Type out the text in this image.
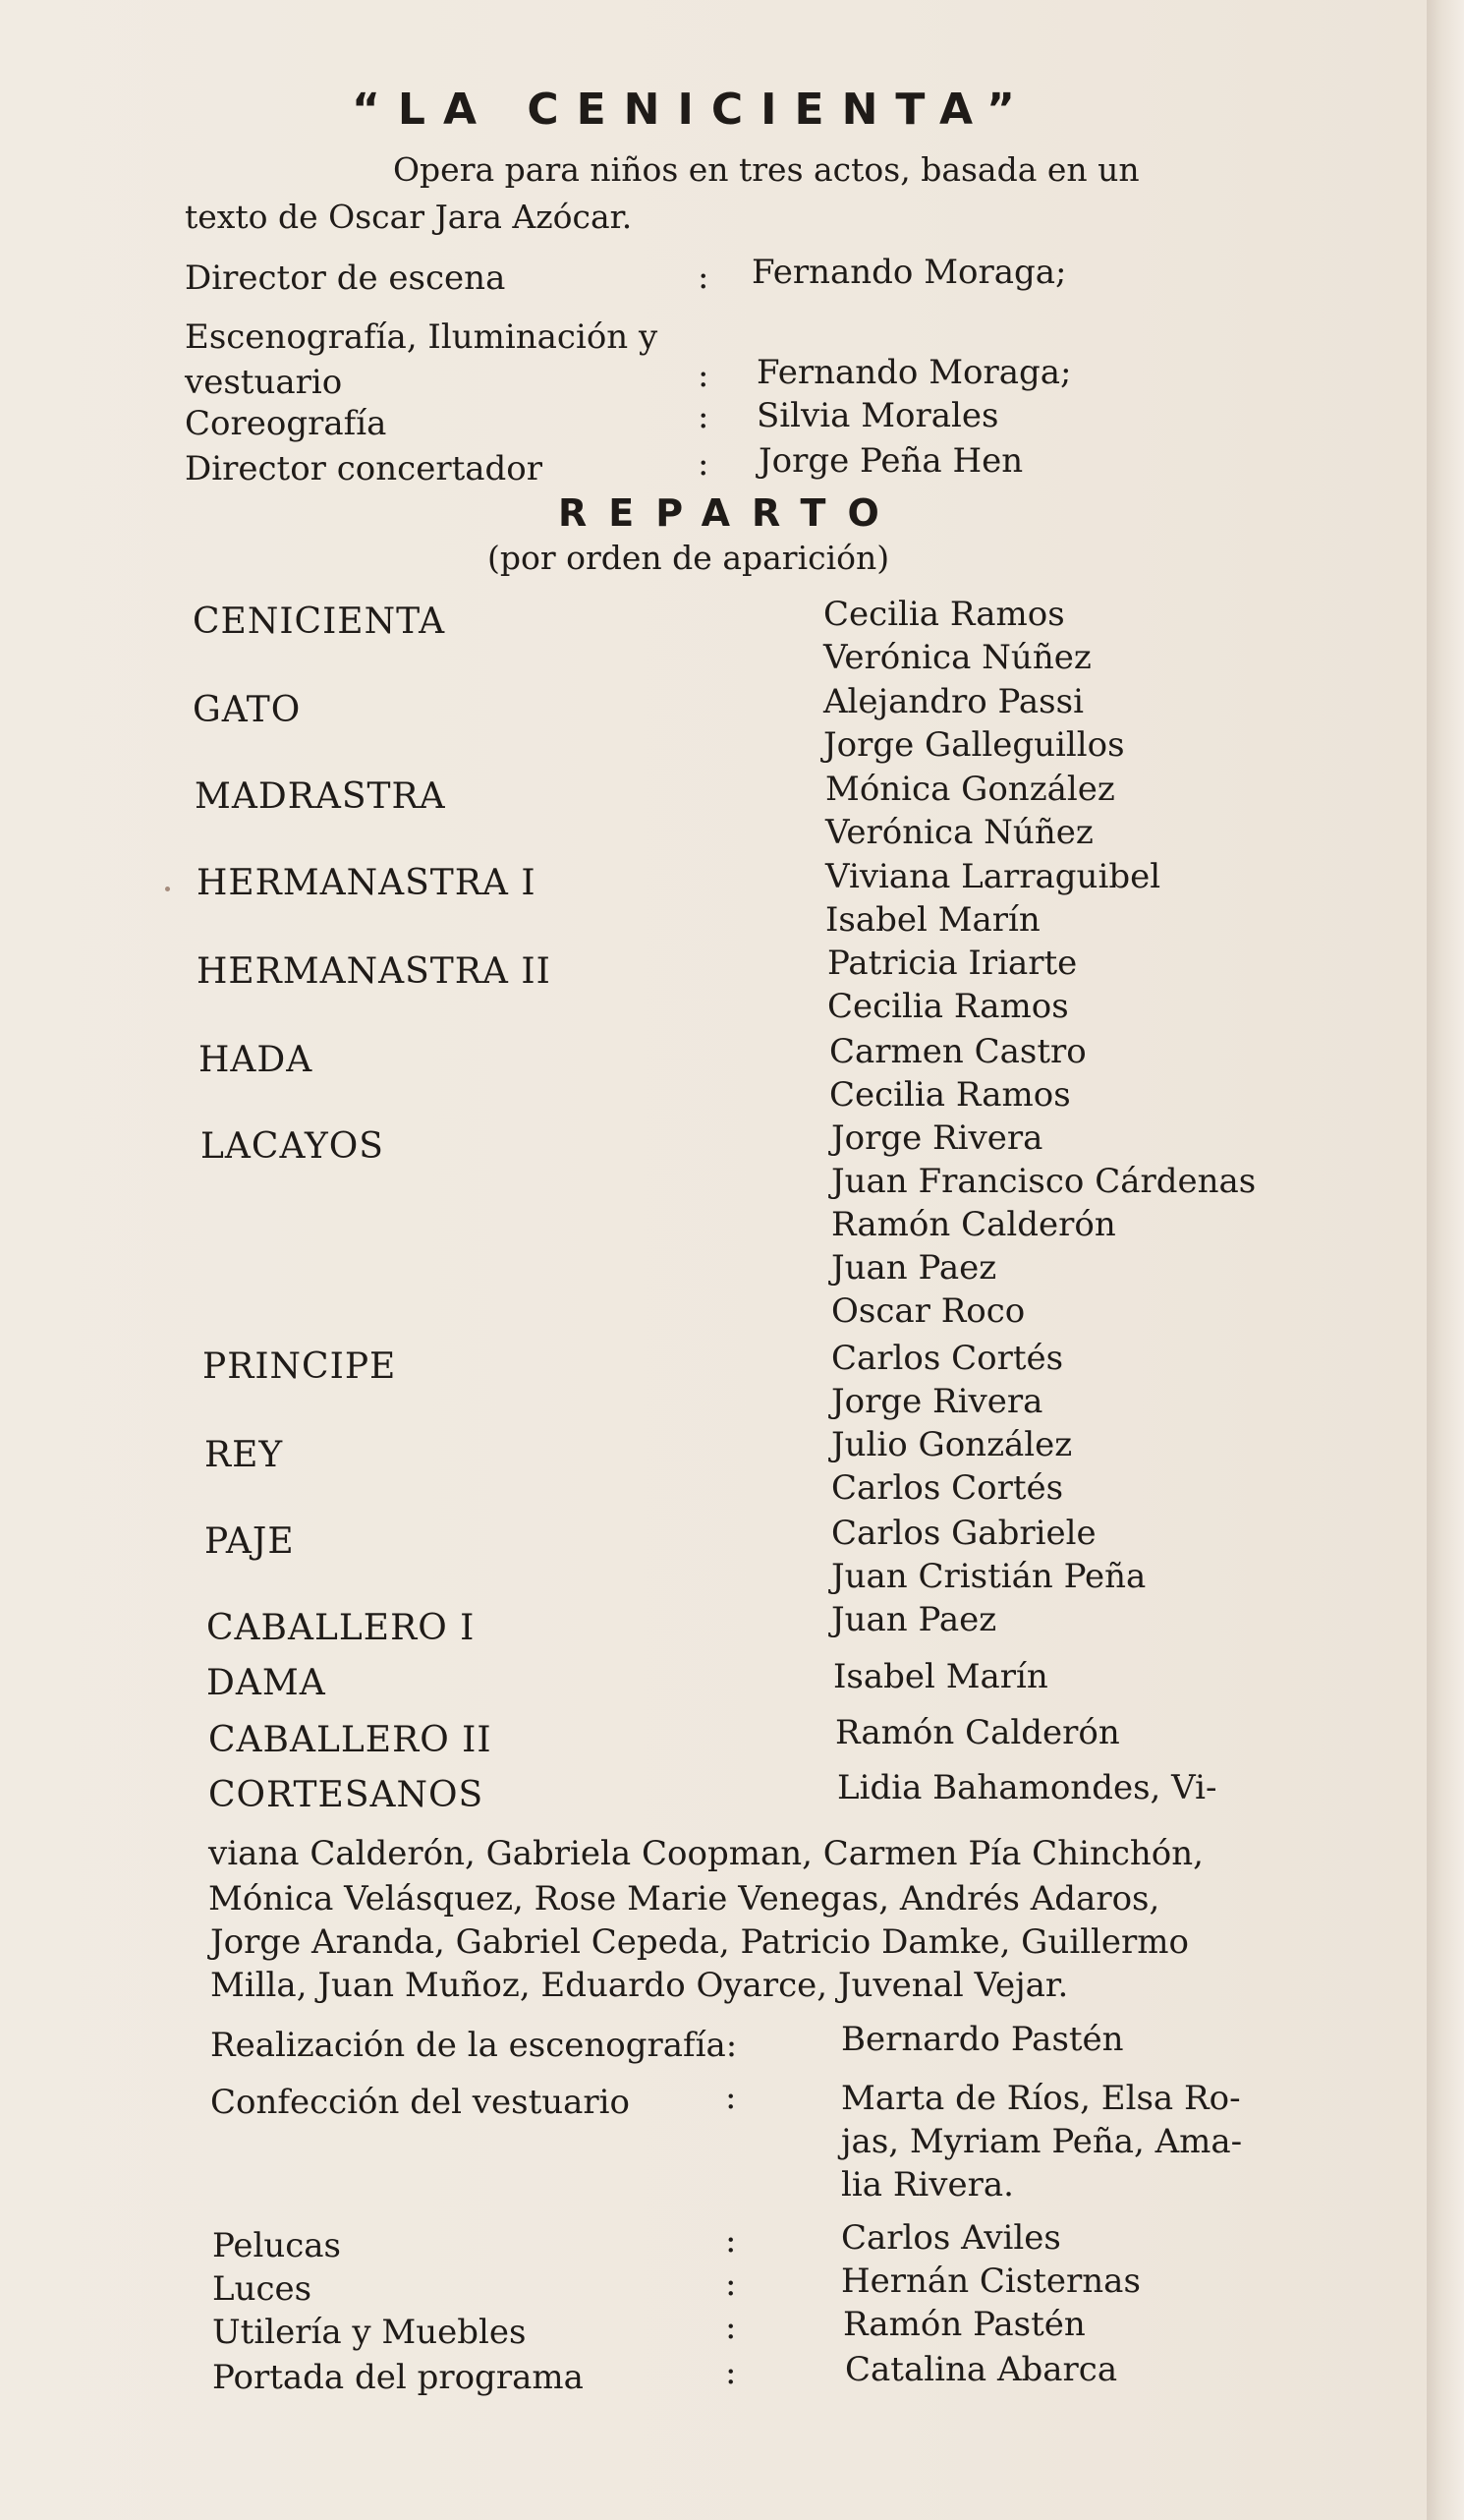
“LA CENICIENTA”
Opera para niños en tres actos, basada en un
texto de Oscar Jara Azócar.
Director de escena	: Fernando Moraga;
Escenografía, Iluminación y
vestuario	: Fernando Moraga;
Coreografía	: Silvia Morales
Director concertador	: Jorge Peña Hen
REPARTO
(por orden de aparición)
CENICIENTA	Cecilia Ramos
Verónica Núñez
GATO	Alejandro Passi
Jorge Galleguillos
MADRASTRA	Mónica González
Verónica Núñez
HERMANASTRA I	Viviana Larraguibel
Isabel Marín
HERMANASTRA II	Patricia Iriarte
Cecilia Ramos
HADA	Carmen Castro
Cecilia Ramos
LACAYOS	Jorge Rivera
Juan Francisco Cárdenas
Ramón Calderón
Juan Paez
Oscar Roco
PRINCIPE	Carlos Cortés
Jorge Rivera
REY	Julio González
Carlos Cortés
PAJE	Carlos Gabriele
Juan Cristián Peña
CABALLERO I	Juan Paez
DAMA	Isabel Marín
CABALLERO II	Ramón Calderón
CORTESANOS	Lidia Bahamondes, Vi-
viana Calderón, Gabriela Coopman, Carmen Pía Chinchón,
Mónica Velásquez, Rose Marie Venegas, Andrés Adaros,
Jorge Aranda, Gabriel Cepeda, Patricio Damke, Guillermo
Milla, Juan Muñoz, Eduardo Oyarce, Juvenal Vejar.
Realización de la escenografía:	Bernardo Pastén
Confección del vestuario	:	Marta de Ríos, Elsa Ro-
jas, Myriam Peña, Ama-
lia Rivera.
Pelucas	:	Carlos Aviles
Luces	:	Hernán Cisternas
Utilería y Muebles	:	Ramón Pastén
Portada del programa	:	Catalina Abarca
